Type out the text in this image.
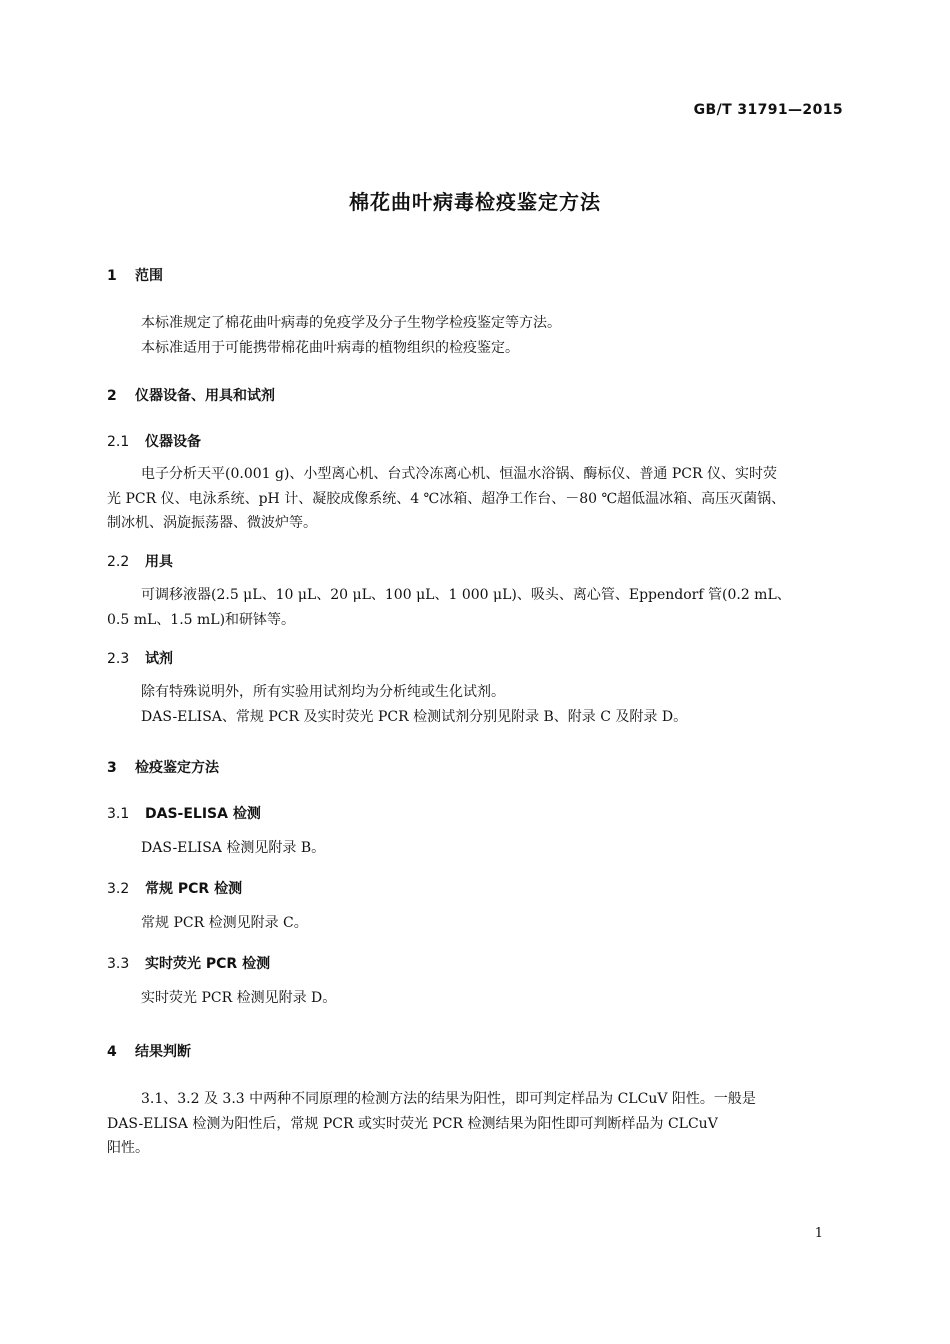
GB/T 31791—2015
棉花曲叶病毒检疫鉴定方法
1 范围
本标准规定了棉花曲叶病毒的免疫学及分子生物学检疫鉴定等方法。
本标准适用于可能携带棉花曲叶病毒的植物组织的检疫鉴定。
2 仪器设备、用具和试剂
2.1 仪器设备
电子分析天平(0.001 g)、小型离心机、台式冷冻离心机、恒温水浴锅、酶标仪、普通 PCR 仪、实时荧
光 PCR 仪、电泳系统、pH 计、凝胶成像系统、4 ℃冰箱、超净工作台、－80 ℃超低温冰箱、高压灭菌锅、
制冰机、涡旋振荡器、微波炉等。
2.2 用具
可调移液器(2.5 μL、10 μL、20 μL、100 μL、1 000 μL)、吸头、离心管、Eppendorf 管(0.2 mL、
0.5 mL、1.5 mL)和研钵等。
2.3 试剂
除有特殊说明外，所有实验用试剂均为分析纯或生化试剂。
DAS-ELISA、常规 PCR 及实时荧光 PCR 检测试剂分别见附录 B、附录 C 及附录 D。
3 检疫鉴定方法
3.1 DAS-ELISA 检测
DAS-ELISA 检测见附录 B。
3.2 常规 PCR 检测
常规 PCR 检测见附录 C。
3.3 实时荧光 PCR 检测
实时荧光 PCR 检测见附录 D。
4 结果判断
3.1、3.2 及 3.3 中两种不同原理的检测方法的结果为阳性，即可判定样品为 CLCuV 阳性。一般是
DAS-ELISA 检测为阳性后，常规 PCR 或实时荧光 PCR 检测结果为阳性即可判断样品为 CLCuV
阳性。
1
